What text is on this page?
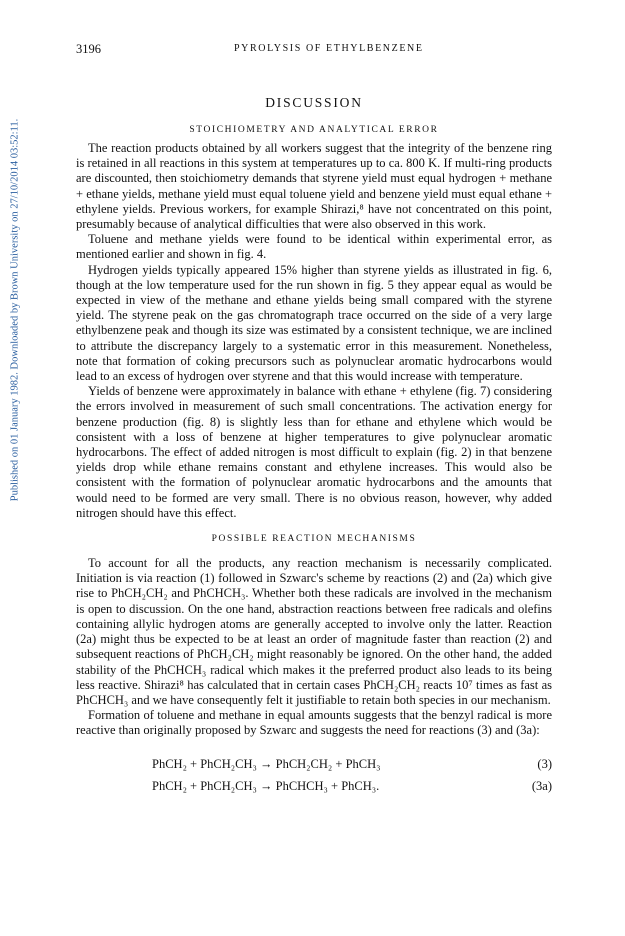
Published on 01 January 1982. Downloaded by Brown University on 27/10/2014 03:52:11.
3196	PYROLYSIS OF ETHYLBENZENE
DISCUSSION
STOICHIOMETRY AND ANALYTICAL ERROR

The reaction products obtained by all workers suggest that the integrity of the benzene ring is retained in all reactions in this system at temperatures up to ca. 800 K. If multi-ring products are discounted, then stoichiometry demands that styrene yield must equal hydrogen + methane + ethane yields, methane yield must equal toluene yield and benzene yield must equal ethane + ethylene yields. Previous workers, for example Shirazi,⁸ have not concentrated on this point, presumably because of analytical difficulties that were also observed in this work.

Toluene and methane yields were found to be identical within experimental error, as mentioned earlier and shown in fig. 4.

Hydrogen yields typically appeared 15% higher than styrene yields as illustrated in fig. 6, though at the low temperature used for the run shown in fig. 5 they appear equal as would be expected in view of the methane and ethane yields being small compared with the styrene yield. The styrene peak on the gas chromatograph trace occurred on the side of a very large ethylbenzene peak and though its size was estimated by a consistent technique, we are inclined to attribute the discrepancy largely to a systematic error in this measurement. Nonetheless, note that formation of coking precursors such as polynuclear aromatic hydrocarbons would lead to an excess of hydrogen over styrene and that this would increase with temperature.

Yields of benzene were approximately in balance with ethane + ethylene (fig. 7) considering the errors involved in measurement of such small concentrations. The activation energy for benzene production (fig. 8) is slightly less than for ethane and ethylene which would be consistent with a loss of benzene at higher temperatures to give polynuclear aromatic hydrocarbons. The effect of added nitrogen is most difficult to explain (fig. 2) in that benzene yields drop while ethane remains constant and ethylene increases. This would also be consistent with the formation of polynuclear aromatic hydrocarbons and the amounts that would need to be formed are very small. There is no obvious reason, however, why added nitrogen should have this effect.

POSSIBLE REACTION MECHANISMS

To account for all the products, any reaction mechanism is necessarily complicated. Initiation is via reaction (1) followed in Szwarc's scheme by reactions (2) and (2a) which give rise to PhCH₂CH₂ and PhCHCH₃. Whether both these radicals are involved in the mechanism is open to discussion. On the one hand, abstraction reactions between free radicals and olefins containing allylic hydrogen atoms are generally accepted to involve only the latter. Reaction (2a) might thus be expected to be at least an order of magnitude faster than reaction (2) and subsequent reactions of PhCH₂CH₂ might reasonably be ignored. On the other hand, the added stability of the PhCHCH₃ radical which makes it the preferred product also leads to its being less reactive. Shirazi⁸ has calculated that in certain cases PhCH₂CH₂ reacts 10⁷ times as fast as PhCHCH₃ and we have consequently felt it justifiable to retain both species in our mechanism.

Formation of toluene and methane in equal amounts suggests that the benzyl radical is more reactive than originally proposed by Szwarc and suggests the need for reactions (3) and (3a):

PhCH₂ + PhCH₂CH₃ → PhCH₂CH₂ + PhCH₃	(3)
PhCH₂ + PhCH₂CH₃ → PhCHCH₃ + PhCH₃.	(3a)
